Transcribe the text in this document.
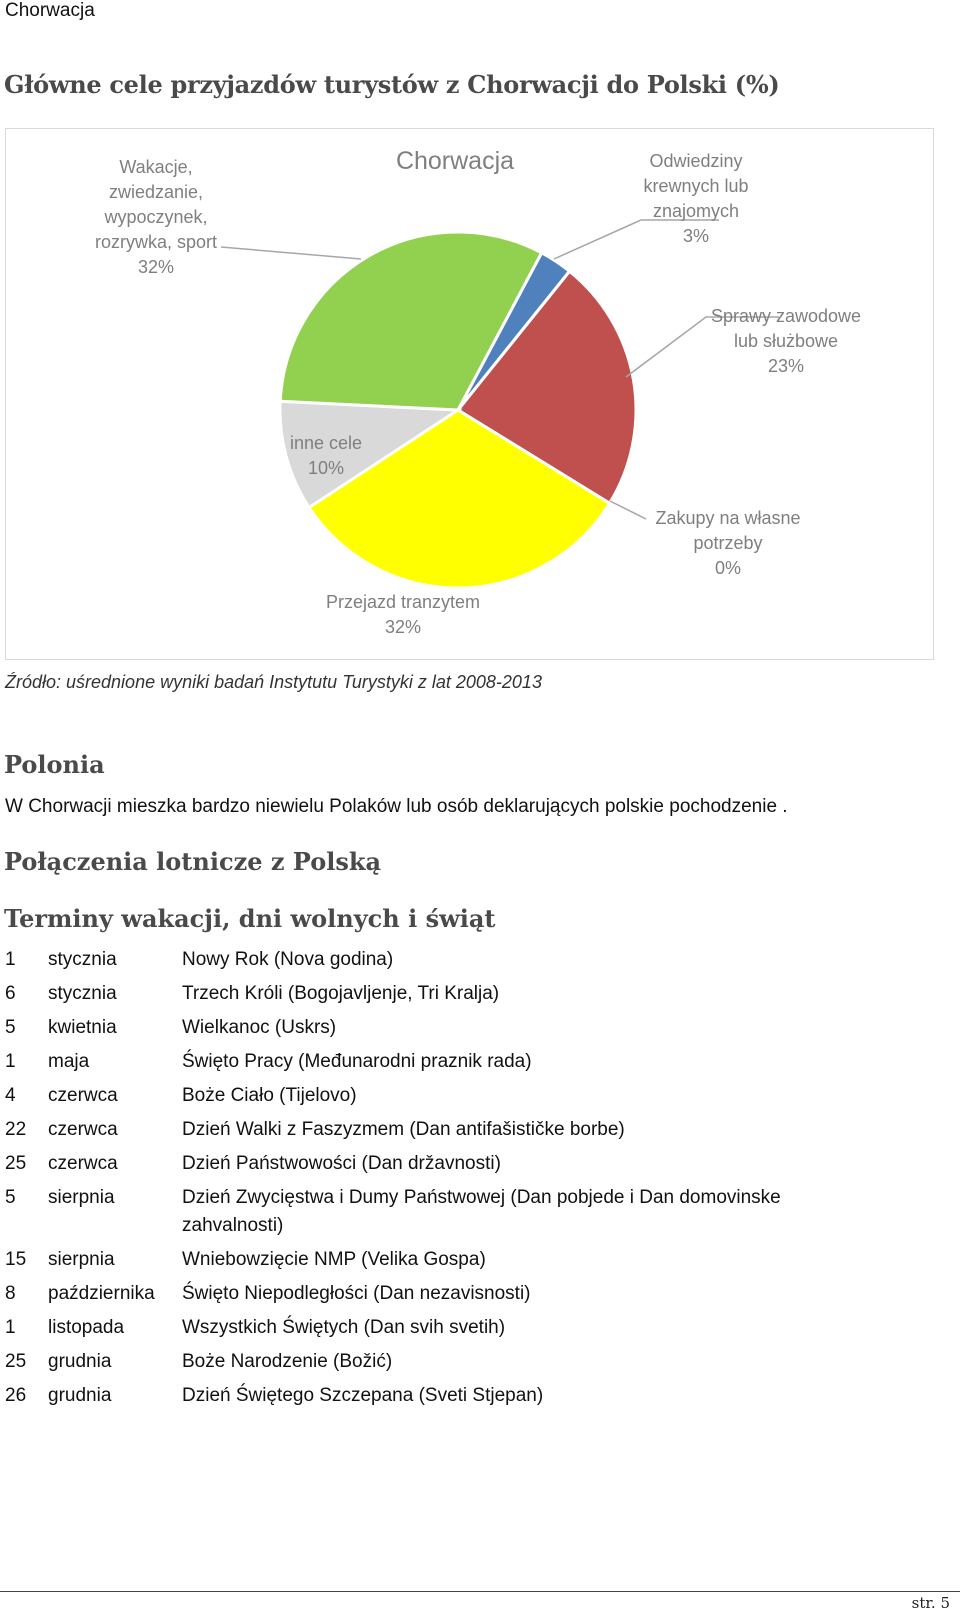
Chorwacja
Główne cele przyjazdów turystów z Chorwacji do Polski (%)
Chorwacja	Odwiedziny krewnych lub znajomych 3%
Sprawy zawodowe lub służbowe 23%
Zakupy na własne potrzeby 0%
Przejazd tranzytem 32%
inne cele 10%
Wakacje, zwiedzanie, wypoczynek, rozrywka, sport 32%
Źródło: uśrednione wyniki badań Instytutu Turystyki z lat 2008-2013
Polonia
W Chorwacji mieszka bardzo niewielu Polaków lub osób deklarujących polskie pochodzenie .
Połączenia lotnicze z Polską
Terminy wakacji, dni wolnych i świąt
1	stycznia	Nowy Rok (Nova godina)
6	stycznia	Trzech Króli (Bogojavljenje, Tri Kralja)
5	kwietnia	Wielkanoc (Uskrs)
1	maja	Święto Pracy (Međunarodni praznik rada)
4	czerwca	Boże Ciało (Tijelovo)
22	czerwca	Dzień Walki z Faszyzmem (Dan antifašističke borbe)
25	czerwca	Dzień Państwowości (Dan državnosti)
5	sierpnia	Dzień Zwycięstwa i Dumy Państwowej (Dan pobjede i Dan domovinske zahvalnosti)
15	sierpnia	Wniebowzięcie NMP (Velika Gospa)
8	października	Święto Niepodległości (Dan nezavisnosti)
1	listopada	Wszystkich Świętych (Dan svih svetih)
25	grudnia	Boże Narodzenie (Božić)
26	grudnia	Dzień Świętego Szczepana (Sveti Stjepan)
str. 5
